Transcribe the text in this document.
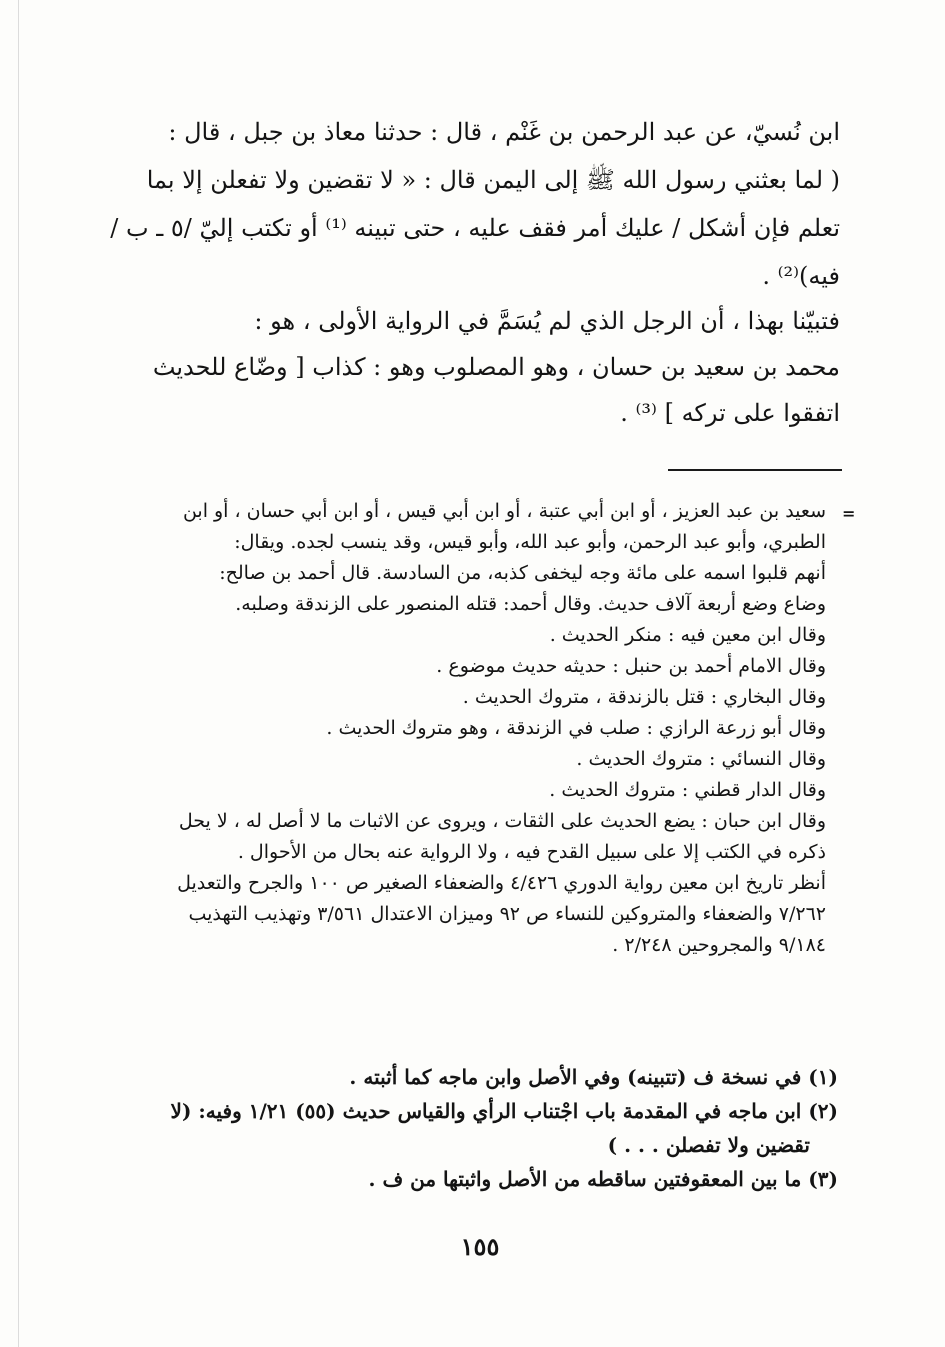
ابن نُسيّ، عن عبد الرحمن بن غَنْم ، قال : حدثنا معاذ بن جبل ، قال :
( لما بعثني رسول الله ﷺ إلى اليمن قال : « لا تقضين ولا تفعلن إلا بما
تعلم فإن أشكل / عليك أمر فقف عليه ، حتى تبينه ⁽¹⁾ أو تكتب إليّ /٥ ـ ب /
فيه)⁽²⁾ .
فتبيّنا بهذا ، أن الرجل الذي لم يُسَمَّ في الرواية الأولى ، هو :
محمد بن سعيد بن حسان ، وهو المصلوب وهو : كذاب [ وضّاع للحديث
اتفقوا على تركه ] ⁽³⁾ .
=
سعيد بن عبد العزيز ، أو ابن أبي عتبة ، أو ابن أبي قيس ، أو ابن أبي حسان ، أو ابن
الطبري، وأبو عبد الرحمن، وأبو عبد الله، وأبو قيس، وقد ينسب لجده. ويقال:
أنهم قلبوا اسمه على مائة وجه ليخفى كذبه، من السادسة. قال أحمد بن صالح:
وضاع وضع أربعة آلاف حديث. وقال أحمد: قتله المنصور على الزندقة وصلبه.
وقال ابن معين فيه : منكر الحديث .
وقال الامام أحمد بن حنبل : حديثه حديث موضوع .
وقال البخاري : قتل بالزندقة ، متروك الحديث .
وقال أبو زرعة الرازي : صلب في الزندقة ، وهو متروك الحديث .
وقال النسائي : متروك الحديث .
وقال الدار قطني : متروك الحديث .
وقال ابن حبان : يضع الحديث على الثقات ، ويروى عن الاثبات ما لا أصل له ، لا يحل
ذكره في الكتب إلا على سبيل القدح فيه ، ولا الرواية عنه بحال من الأحوال .
أنظر تاريخ ابن معين رواية الدوري ٤/٤٢٦ والضعفاء الصغير ص ١٠٠ والجرح والتعديل
٧/٢٦٢ والضعفاء والمتروكين للنساء ص ٩٢ وميزان الاعتدال ٣/٥٦١ وتهذيب التهذيب
٩/١٨٤ والمجروحين ٢/٢٤٨ .
(١) في نسخة ف (تتبينه) وفي الأصل وابن ماجه كما أثبته .
(٢) ابن ماجه في المقدمة باب اجْتناب الرأي والقياس حديث (٥٥) ١/٢١ وفيه: (لا
تقضين ولا تفصلن . . . )
(٣) ما بين المعقوفتين ساقطه من الأصل واثبتها من ف .
١٥٥
